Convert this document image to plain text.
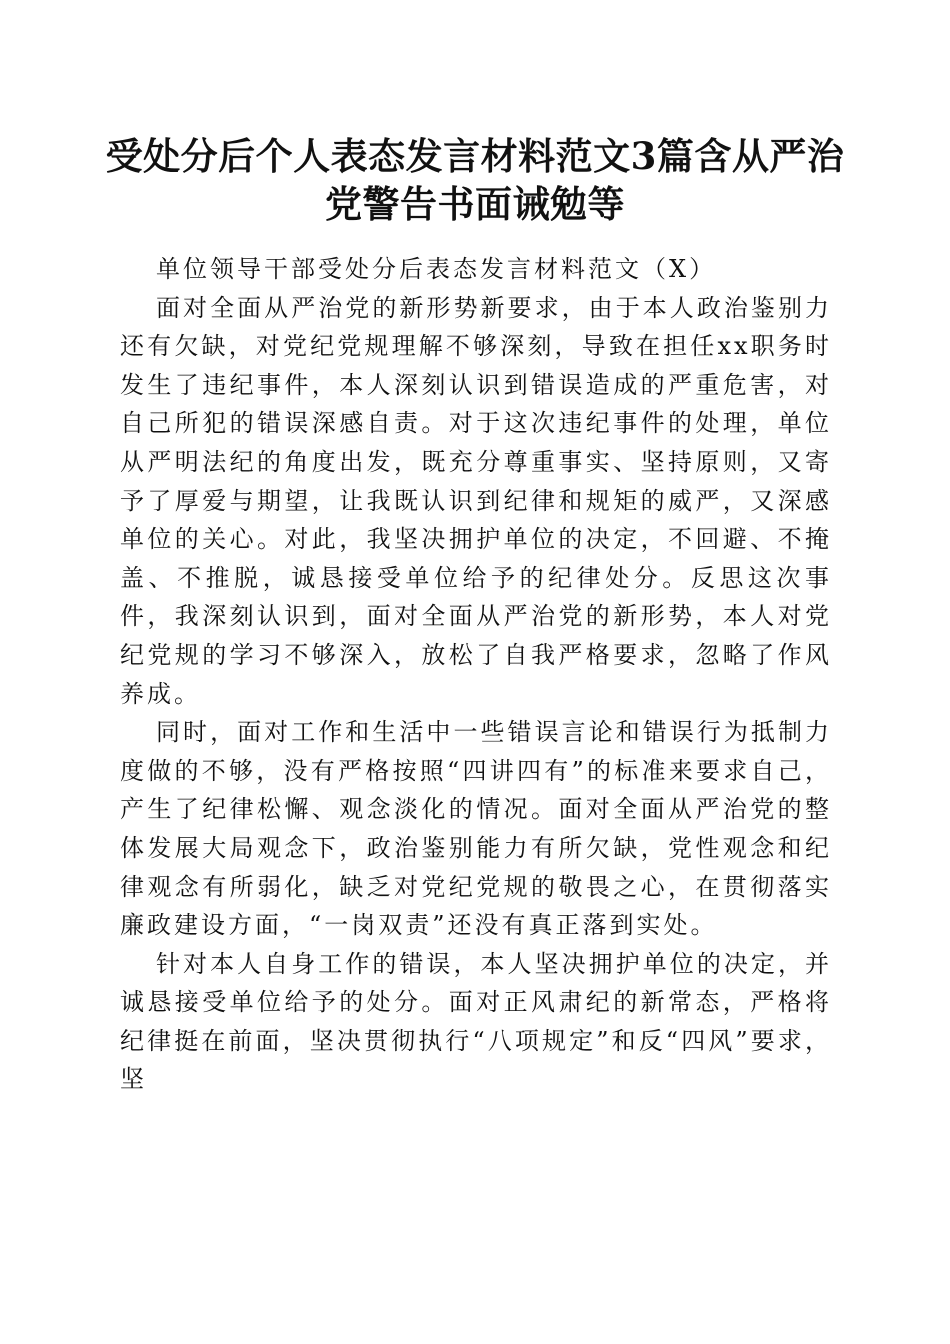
受处分后个人表态发言材料范文3篇含从严治
党警告书面诫勉等

单位领导干部受处分后表态发言材料范文（X）

面对全面从严治党的新形势新要求，由于本人政治鉴别力还有欠缺，对党纪党规理解不够深刻，导致在担任xx职务时发生了违纪事件，本人深刻认识到错误造成的严重危害，对自己所犯的错误深感自责。对于这次违纪事件的处理，单位从严明法纪的角度出发，既充分尊重事实、坚持原则，又寄予了厚爱与期望，让我既认识到纪律和规矩的威严，又深感单位的关心。对此，我坚决拥护单位的决定，不回避、不掩盖、不推脱，诚恳接受单位给予的纪律处分。反思这次事件，我深刻认识到，面对全面从严治党的新形势，本人对党纪党规的学习不够深入，放松了自我严格要求，忽略了作风养成。

同时，面对工作和生活中一些错误言论和错误行为抵制力度做的不够，没有严格按照“四讲四有”的标准来要求自己，产生了纪律松懈、观念淡化的情况。面对全面从严治党的整体发展大局观念下，政治鉴别能力有所欠缺，党性观念和纪律观念有所弱化，缺乏对党纪党规的敬畏之心，在贯彻落实廉政建设方面，“一岗双责”还没有真正落到实处。

针对本人自身工作的错误，本人坚决拥护单位的决定，并诚恳接受单位给予的处分。面对正风肃纪的新常态，严格将纪律挺在前面，坚决贯彻执行“八项规定”和反“四风”要求，坚
